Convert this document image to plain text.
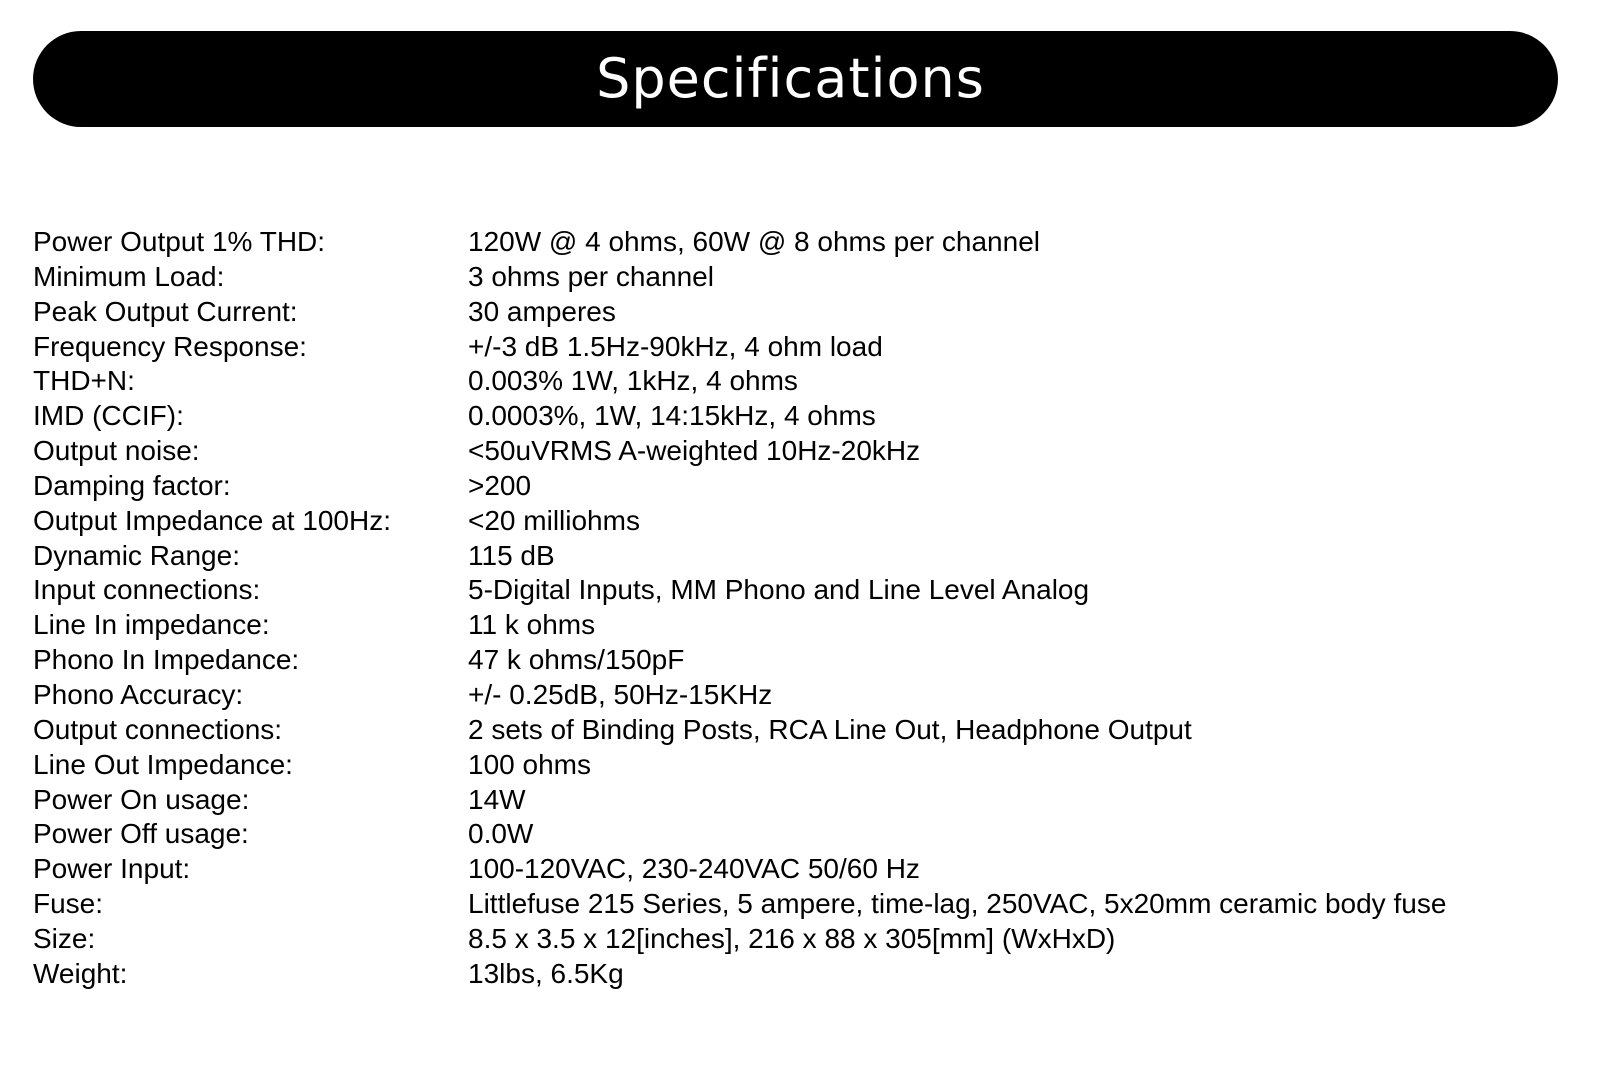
Specifications
Power Output 1% THD:	120W @ 4 ohms, 60W @ 8 ohms per channel
Minimum Load:	3 ohms per channel
Peak Output Current:	30 amperes
Frequency Response:	+/-3 dB 1.5Hz-90kHz, 4 ohm load
THD+N:	0.003% 1W, 1kHz, 4 ohms
IMD (CCIF):	0.0003%, 1W, 14:15kHz, 4 ohms
Output noise:	<50uVRMS A-weighted 10Hz-20kHz
Damping factor:	>200
Output Impedance at 100Hz:	<20 milliohms
Dynamic Range:	115 dB
Input connections:	5-Digital Inputs, MM Phono and Line Level Analog
Line In impedance:	11 k ohms
Phono In Impedance:	47 k ohms/150pF
Phono Accuracy:	+/- 0.25dB, 50Hz-15KHz
Output connections:	2 sets of Binding Posts, RCA Line Out, Headphone Output
Line Out Impedance:	100 ohms
Power On usage:	14W
Power Off usage:	0.0W
Power Input:	100-120VAC, 230-240VAC 50/60 Hz
Fuse:	Littlefuse 215 Series, 5 ampere, time-lag, 250VAC, 5x20mm ceramic body fuse
Size:	8.5 x 3.5 x 12[inches], 216 x 88 x 305[mm] (WxHxD)
Weight:	13lbs, 6.5Kg
